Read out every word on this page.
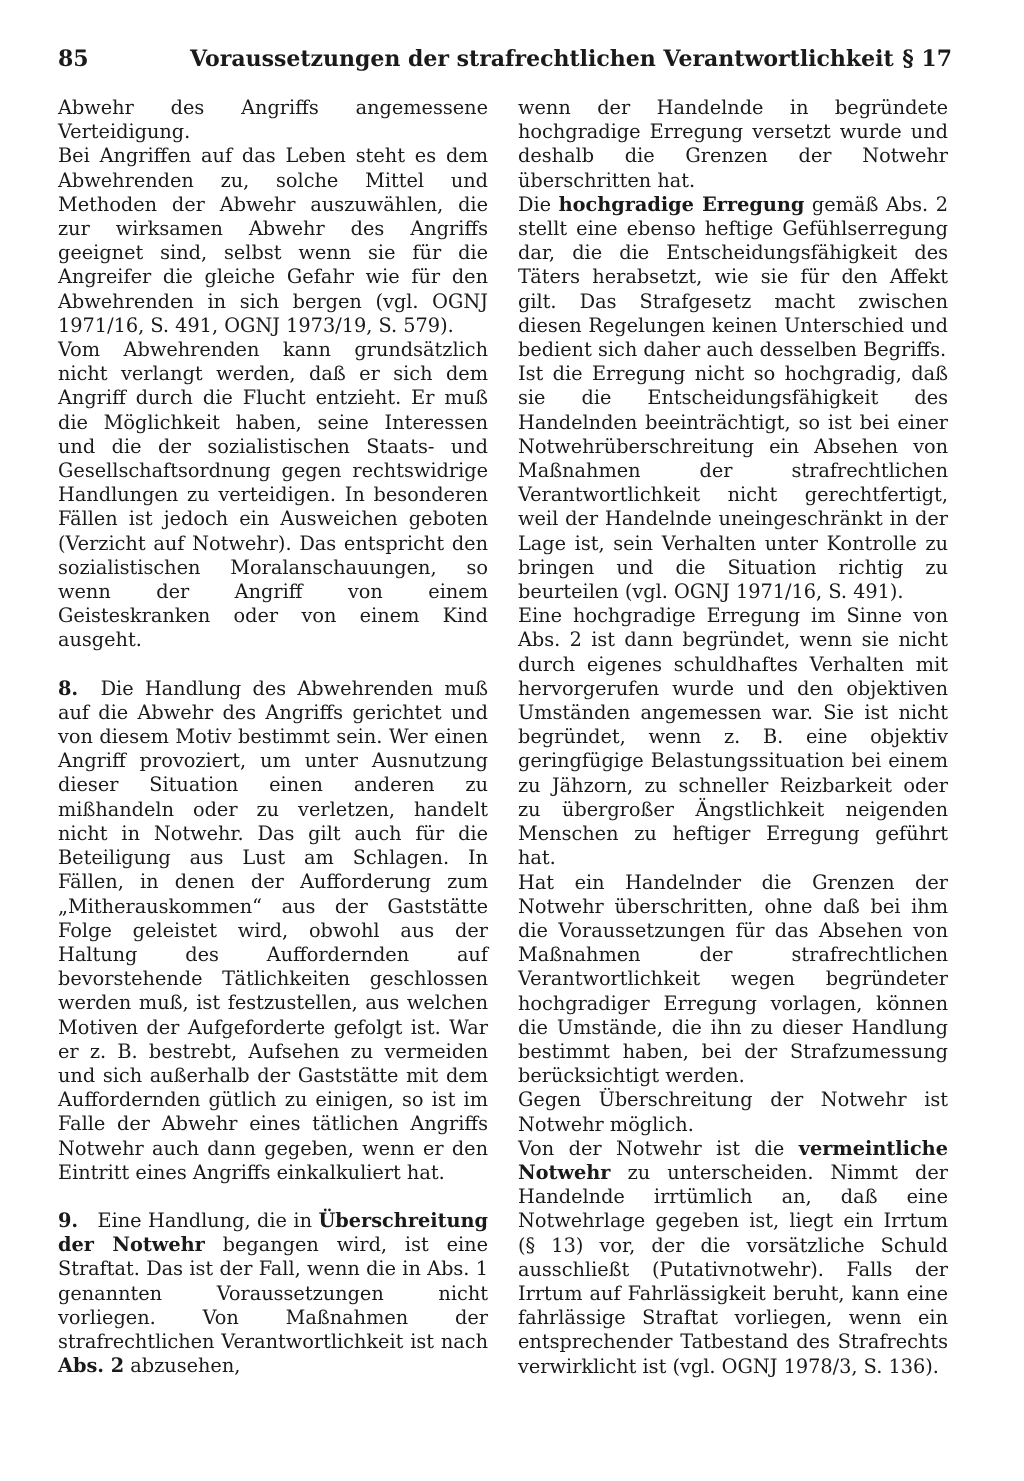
85	Voraussetzungen der strafrechtlichen Verantwortlichkeit § 17

Abwehr des Angriffs angemessene Verteidigung.

Bei Angriffen auf das Leben steht es dem Abwehrenden zu, solche Mittel und Methoden der Abwehr auszuwählen, die zur wirksamen Abwehr des Angriffs geeignet sind, selbst wenn sie für die Angreifer die gleiche Gefahr wie für den Abwehrenden in sich bergen (vgl. OGNJ 1971/16, S. 491, OGNJ 1973/19, S. 579).

Vom Abwehrenden kann grundsätzlich nicht verlangt werden, daß er sich dem Angriff durch die Flucht entzieht. Er muß die Möglichkeit haben, seine Interessen und die der sozialistischen Staats- und Gesellschaftsordnung gegen rechtswidrige Handlungen zu verteidigen. In besonderen Fällen ist jedoch ein Ausweichen geboten (Verzicht auf Notwehr). Das entspricht den sozialistischen Moralanschauungen, so wenn der Angriff von einem Geisteskranken oder von einem Kind ausgeht.

8. Die Handlung des Abwehrenden muß auf die Abwehr des Angriffs gerichtet und von diesem Motiv bestimmt sein. Wer einen Angriff provoziert, um unter Ausnutzung dieser Situation einen anderen zu mißhandeln oder zu verletzen, handelt nicht in Notwehr. Das gilt auch für die Beteiligung aus Lust am Schlagen. In Fällen, in denen der Aufforderung zum „Mitherauskommen“ aus der Gaststätte Folge geleistet wird, obwohl aus der Haltung des Auffordernden auf bevorstehende Tätlichkeiten geschlossen werden muß, ist festzustellen, aus welchen Motiven der Aufgeforderte gefolgt ist. War er z. B. bestrebt, Aufsehen zu vermeiden und sich außerhalb der Gaststätte mit dem Auffordernden gütlich zu einigen, so ist im Falle der Abwehr eines tätlichen Angriffs Notwehr auch dann gegeben, wenn er den Eintritt eines Angriffs einkalkuliert hat.

9. Eine Handlung, die in Überschreitung der Notwehr begangen wird, ist eine Straftat. Das ist der Fall, wenn die in Abs. 1 genannten Voraussetzungen nicht vorliegen. Von Maßnahmen der strafrechtlichen Verantwortlichkeit ist nach Abs. 2 abzusehen,

wenn der Handelnde in begründete hochgradige Erregung versetzt wurde und deshalb die Grenzen der Notwehr überschritten hat.

Die hochgradige Erregung gemäß Abs. 2 stellt eine ebenso heftige Gefühlserregung dar, die die Entscheidungsfähigkeit des Täters herabsetzt, wie sie für den Affekt gilt. Das Strafgesetz macht zwischen diesen Regelungen keinen Unterschied und bedient sich daher auch desselben Begriffs.

Ist die Erregung nicht so hochgradig, daß sie die Entscheidungsfähigkeit des Handelnden beeinträchtigt, so ist bei einer Notwehrüberschreitung ein Absehen von Maßnahmen der strafrechtlichen Verantwortlichkeit nicht gerechtfertigt, weil der Handelnde uneingeschränkt in der Lage ist, sein Verhalten unter Kontrolle zu bringen und die Situation richtig zu beurteilen (vgl. OGNJ 1971/16, S. 491).

Eine hochgradige Erregung im Sinne von Abs. 2 ist dann begründet, wenn sie nicht durch eigenes schuldhaftes Verhalten mit hervorgerufen wurde und den objektiven Umständen angemessen war. Sie ist nicht begründet, wenn z. B. eine objektiv geringfügige Belastungssituation bei einem zu Jähzorn, zu schneller Reizbarkeit oder zu übergroßer Ängstlichkeit neigenden Menschen zu heftiger Erregung geführt hat.

Hat ein Handelnder die Grenzen der Notwehr überschritten, ohne daß bei ihm die Voraussetzungen für das Absehen von Maßnahmen der strafrechtlichen Verantwortlichkeit wegen begründeter hochgradiger Erregung vorlagen, können die Umstände, die ihn zu dieser Handlung bestimmt haben, bei der Strafzumessung berücksichtigt werden.

Gegen Überschreitung der Notwehr ist Notwehr möglich.

Von der Notwehr ist die vermeintliche Notwehr zu unterscheiden. Nimmt der Handelnde irrtümlich an, daß eine Notwehrlage gegeben ist, liegt ein Irrtum (§ 13) vor, der die vorsätzliche Schuld ausschließt (Putativnotwehr). Falls der Irrtum auf Fahrlässigkeit beruht, kann eine fahrlässige Straftat vorliegen, wenn ein entsprechender Tatbestand des Strafrechts verwirklicht ist (vgl. OGNJ 1978/3, S. 136).
